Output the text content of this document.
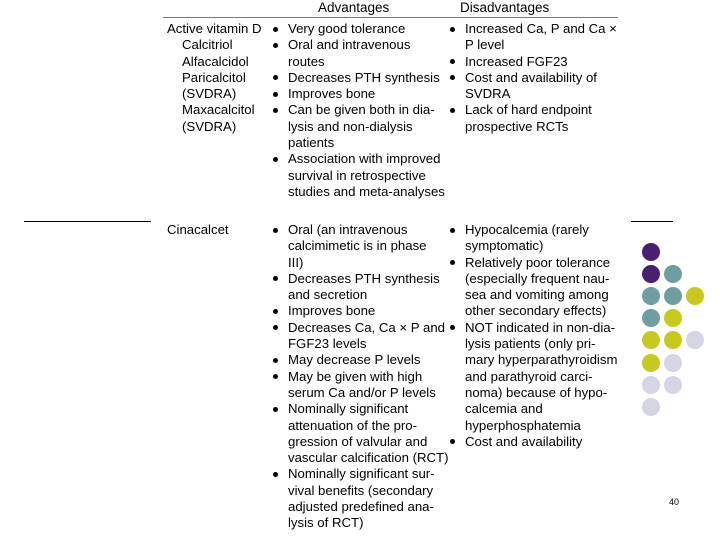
Advantages	Disadvantages
Active vitamin D
Calcitriol
Alfacalcidol
Paricalcitol
(SVDRA)
Maxacalcitol
(SVDRA)
Very good tolerance
Oral and intravenous
routes
Decreases PTH synthesis
Improves bone
Can be given both in dia-
lysis and non-dialysis
patients
Association with improved
survival in retrospective
studies and meta-analyses
Increased Ca, P and Ca ×
P level
Increased FGF23
Cost and availability of
SVDRA
Lack of hard endpoint
prospective RCTs
Cinacalcet	Oral (an intravenous
calcimimetic is in phase
III)
Decreases PTH synthesis
and secretion
Improves bone
Decreases Ca, Ca × P and
FGF23 levels
May decrease P levels
May be given with high
serum Ca and/or P levels
Nominally significant
attenuation of the pro-
gression of valvular and
vascular calcification (RCT)
Nominally significant sur-
vival benefits (secondary
adjusted predefined ana-
lysis of RCT)
Hypocalcemia (rarely
symptomatic)
Relatively poor tolerance
(especially frequent nau-
sea and vomiting among
other secondary effects)
NOT indicated in non-dia-
lysis patients (only pri-
mary hyperparathyroidism
and parathyroid carci-
noma) because of hypo-
calcemia and
hyperphosphatemia
Cost and availability
40
